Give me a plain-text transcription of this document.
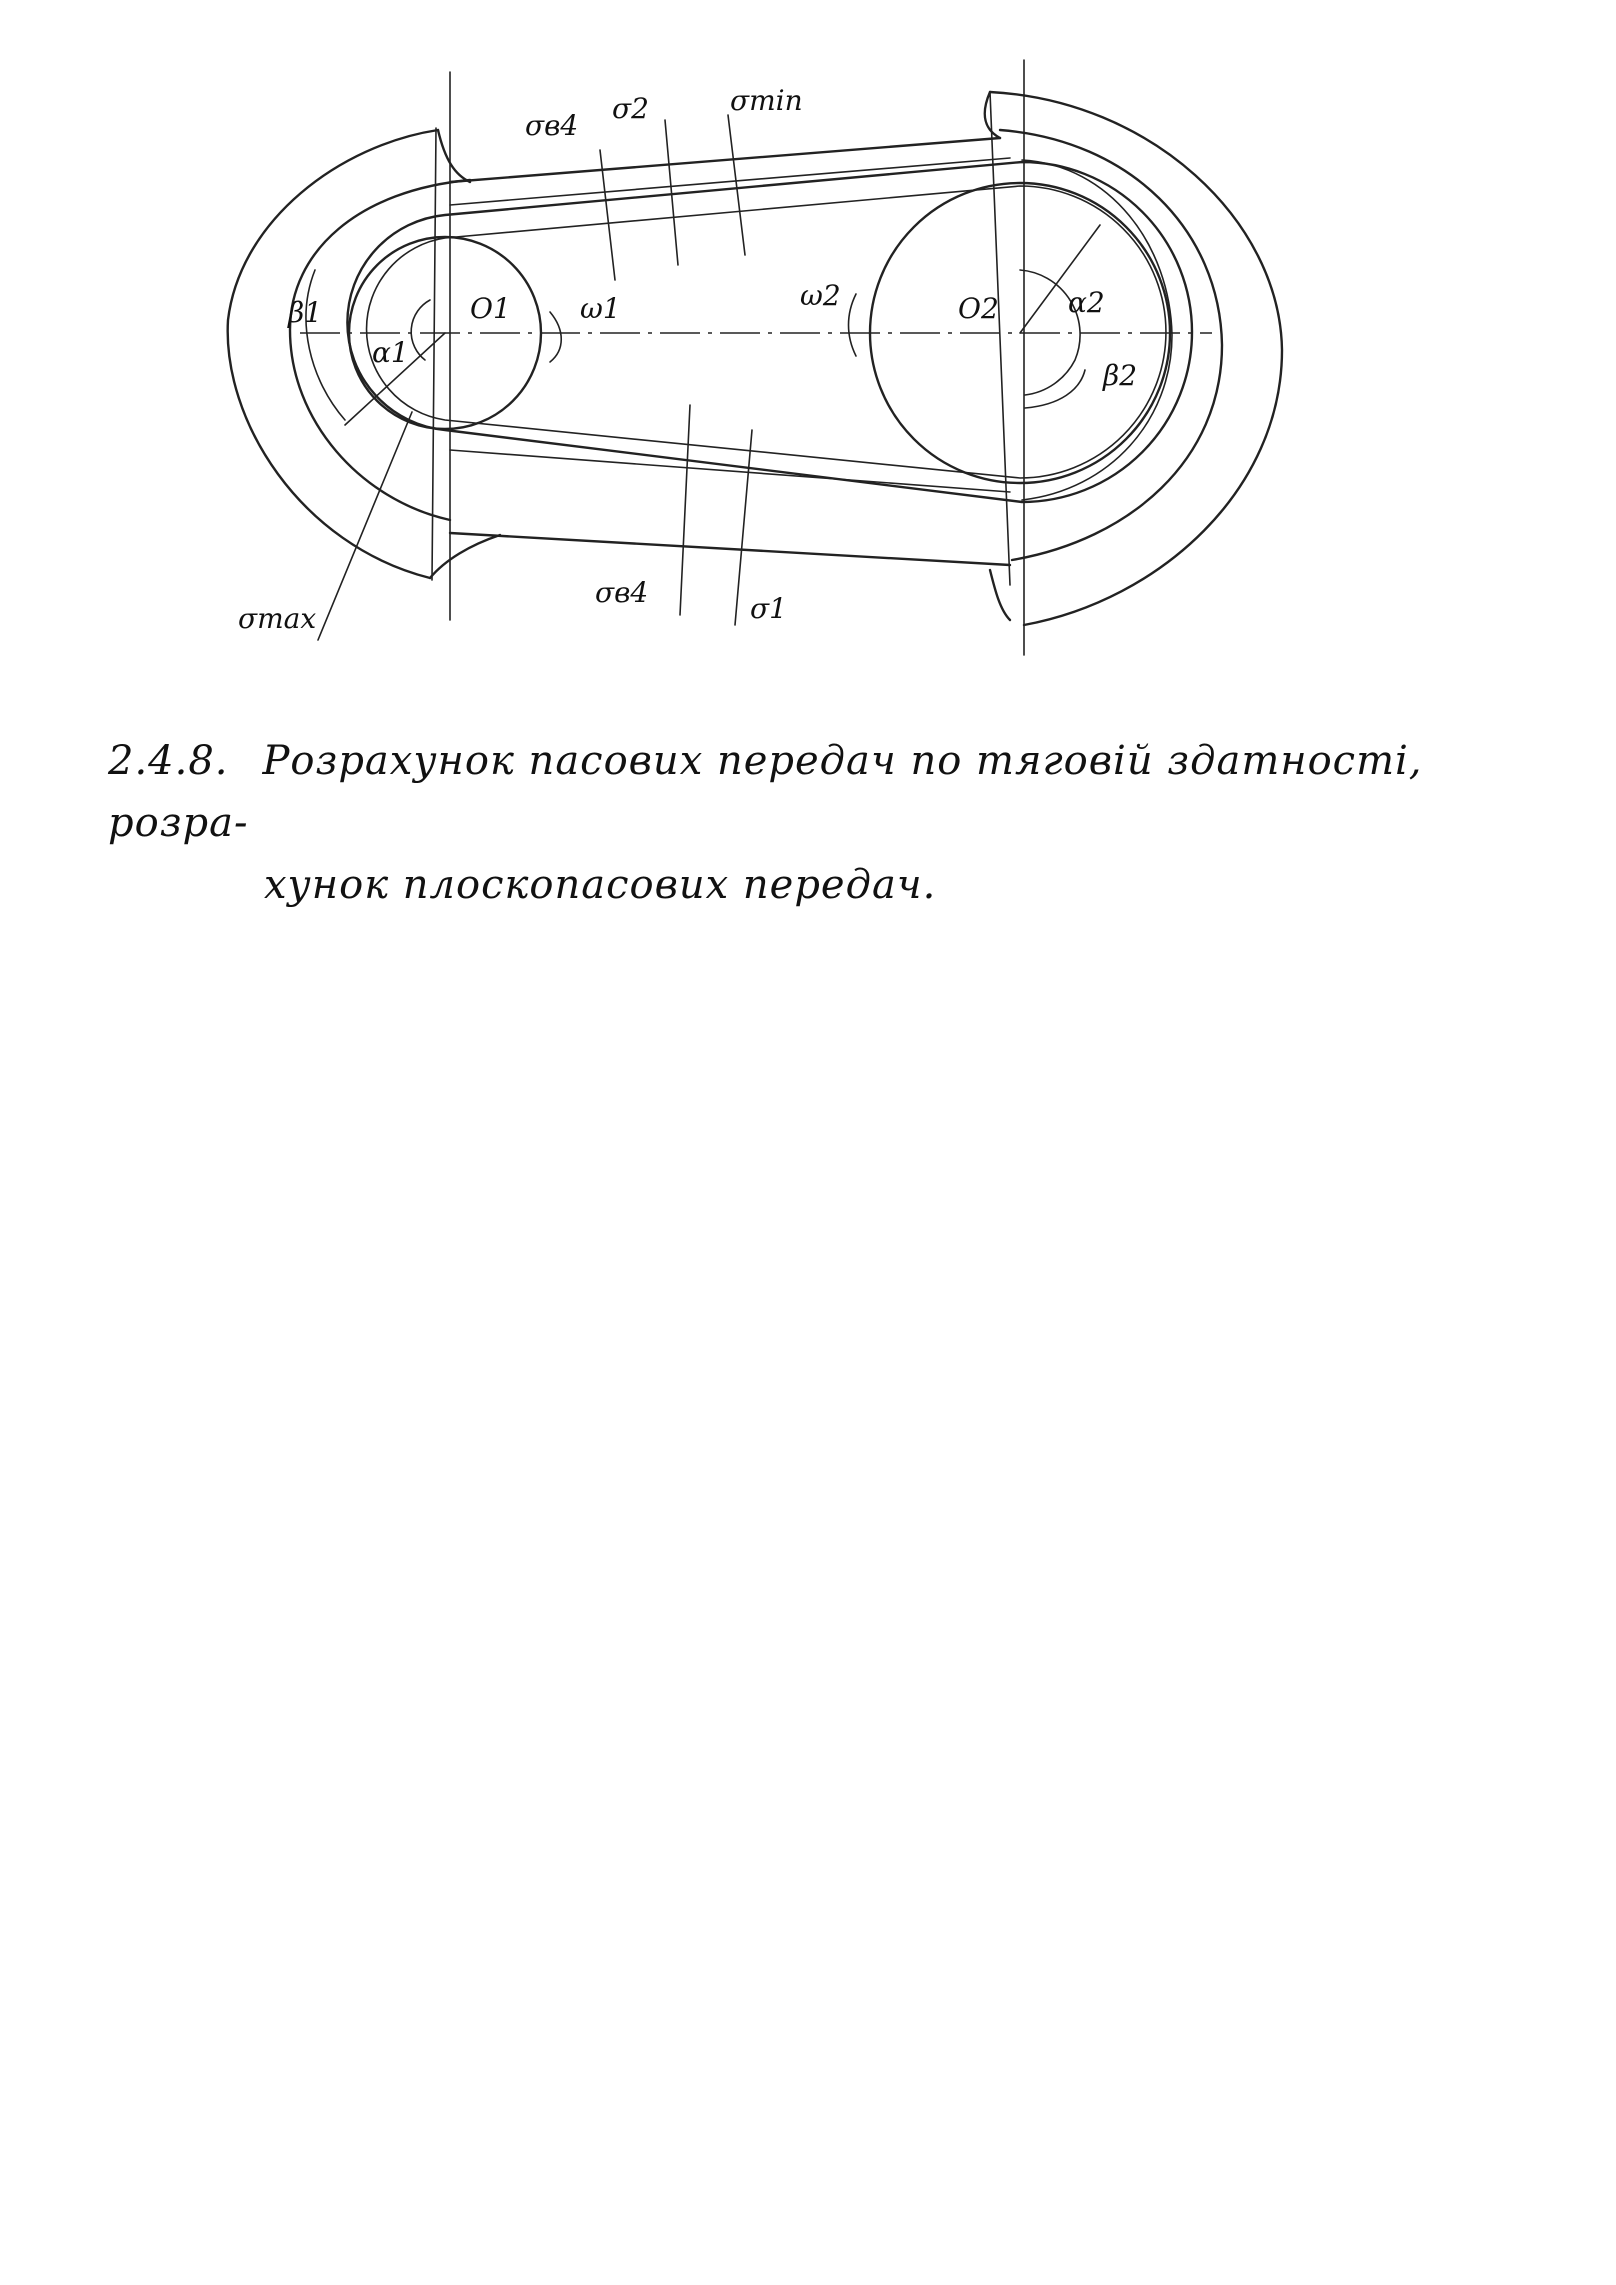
σв4
σ2	σmin
σв4	σ1
σmax
ω1	ω2
O1	O2
α1
α2
β1
β2
2.4.8. Розрахунок пасових передач по тяговій здатності, розра-
хунок плоскопасових передач.
